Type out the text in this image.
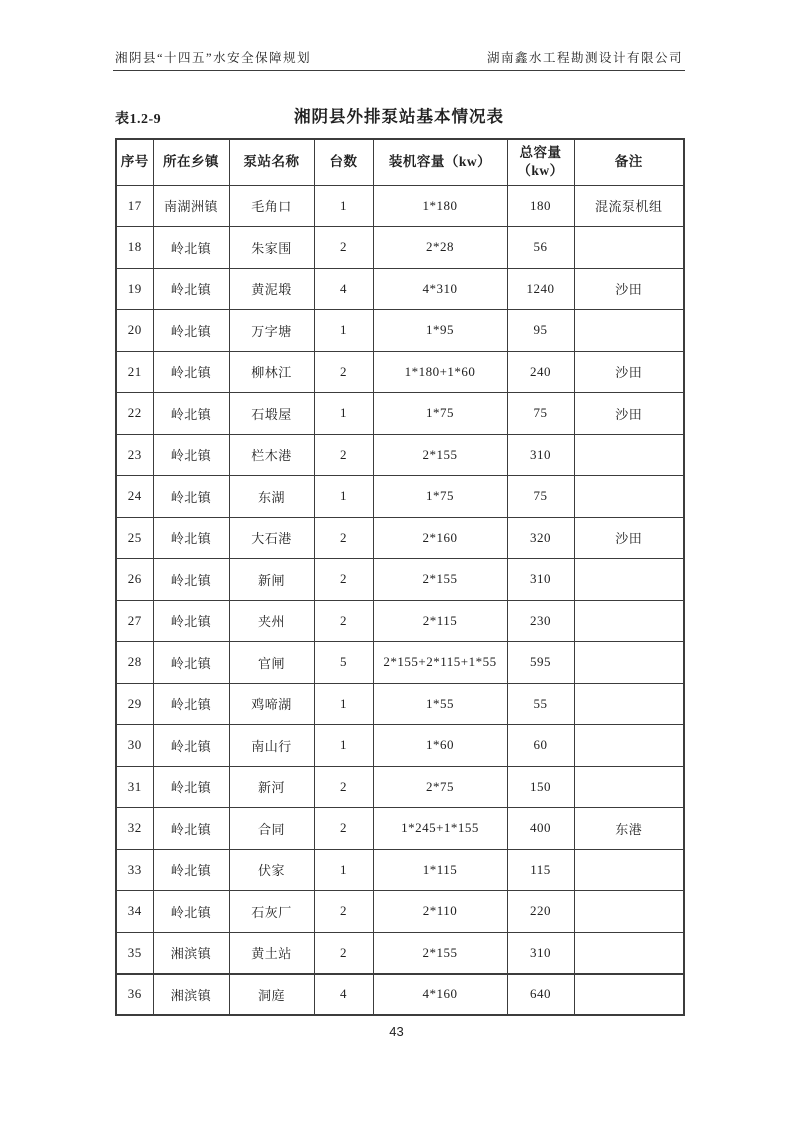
湘阴县“十四五”水安全保障规划	湖南鑫水工程勘测设计有限公司
表1.2-9	湘阴县外排泵站基本情况表
序号	所在乡镇	泵站名称	台数	装机容量（kw）	总容量（kw）	备注
17	南湖洲镇	毛角口	1	1*180	180	混流泵机组
18	岭北镇	朱家围	2	2*28	56	
19	岭北镇	黄泥塅	4	4*310	1240	沙田
20	岭北镇	万字塘	1	1*95	95	
21	岭北镇	柳林江	2	1*180+1*60	240	沙田
22	岭北镇	石塅屋	1	1*75	75	沙田
23	岭北镇	栏木港	2	2*155	310	
24	岭北镇	东湖	1	1*75	75	
25	岭北镇	大石港	2	2*160	320	沙田
26	岭北镇	新闸	2	2*155	310	
27	岭北镇	夹州	2	2*115	230	
28	岭北镇	官闸	5	2*155+2*115+1*55	595	
29	岭北镇	鸡啼湖	1	1*55	55	
30	岭北镇	南山行	1	1*60	60	
31	岭北镇	新河	2	2*75	150	
32	岭北镇	合同	2	1*245+1*155	400	东港
33	岭北镇	伏家	1	1*115	115	
34	岭北镇	石灰厂	2	2*110	220	
35	湘滨镇	黄土站	2	2*155	310	
36	湘滨镇	洞庭	4	4*160	640	
43
